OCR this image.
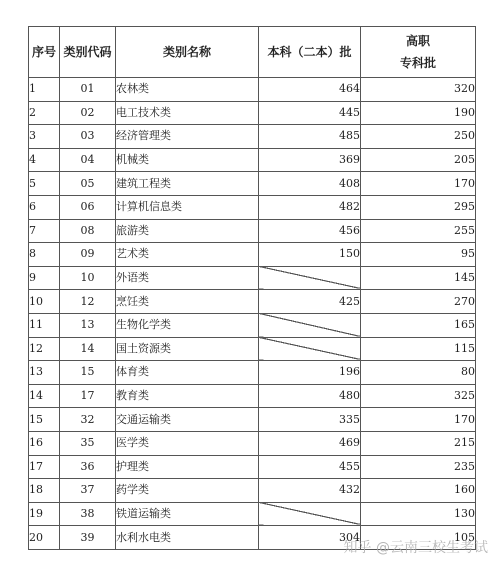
序号	类别代码	类别名称	本科（二本）批	高职
专科批

1	01	农林类	464	320
2	02	电工技术类	445	190
3	03	经济管理类	485	250
4	04	机械类	369	205
5	05	建筑工程类	408	170
6	06	计算机信息类	482	295
7	08	旅游类	456	255
8	09	艺术类	150	95
9	10	外语类		145
10	12	烹饪类	425	270
11	13	生物化学类		165
12	14	国土资源类		115
13	15	体育类	196	80
14	17	教育类	480	325
15	32	交通运输类	335	170
16	35	医学类	469	215
17	36	护理类	455	235
18	37	药学类	432	160
19	38	铁道运输类		130
20	39	水利水电类	304	105
知乎 @云南三校生考试
